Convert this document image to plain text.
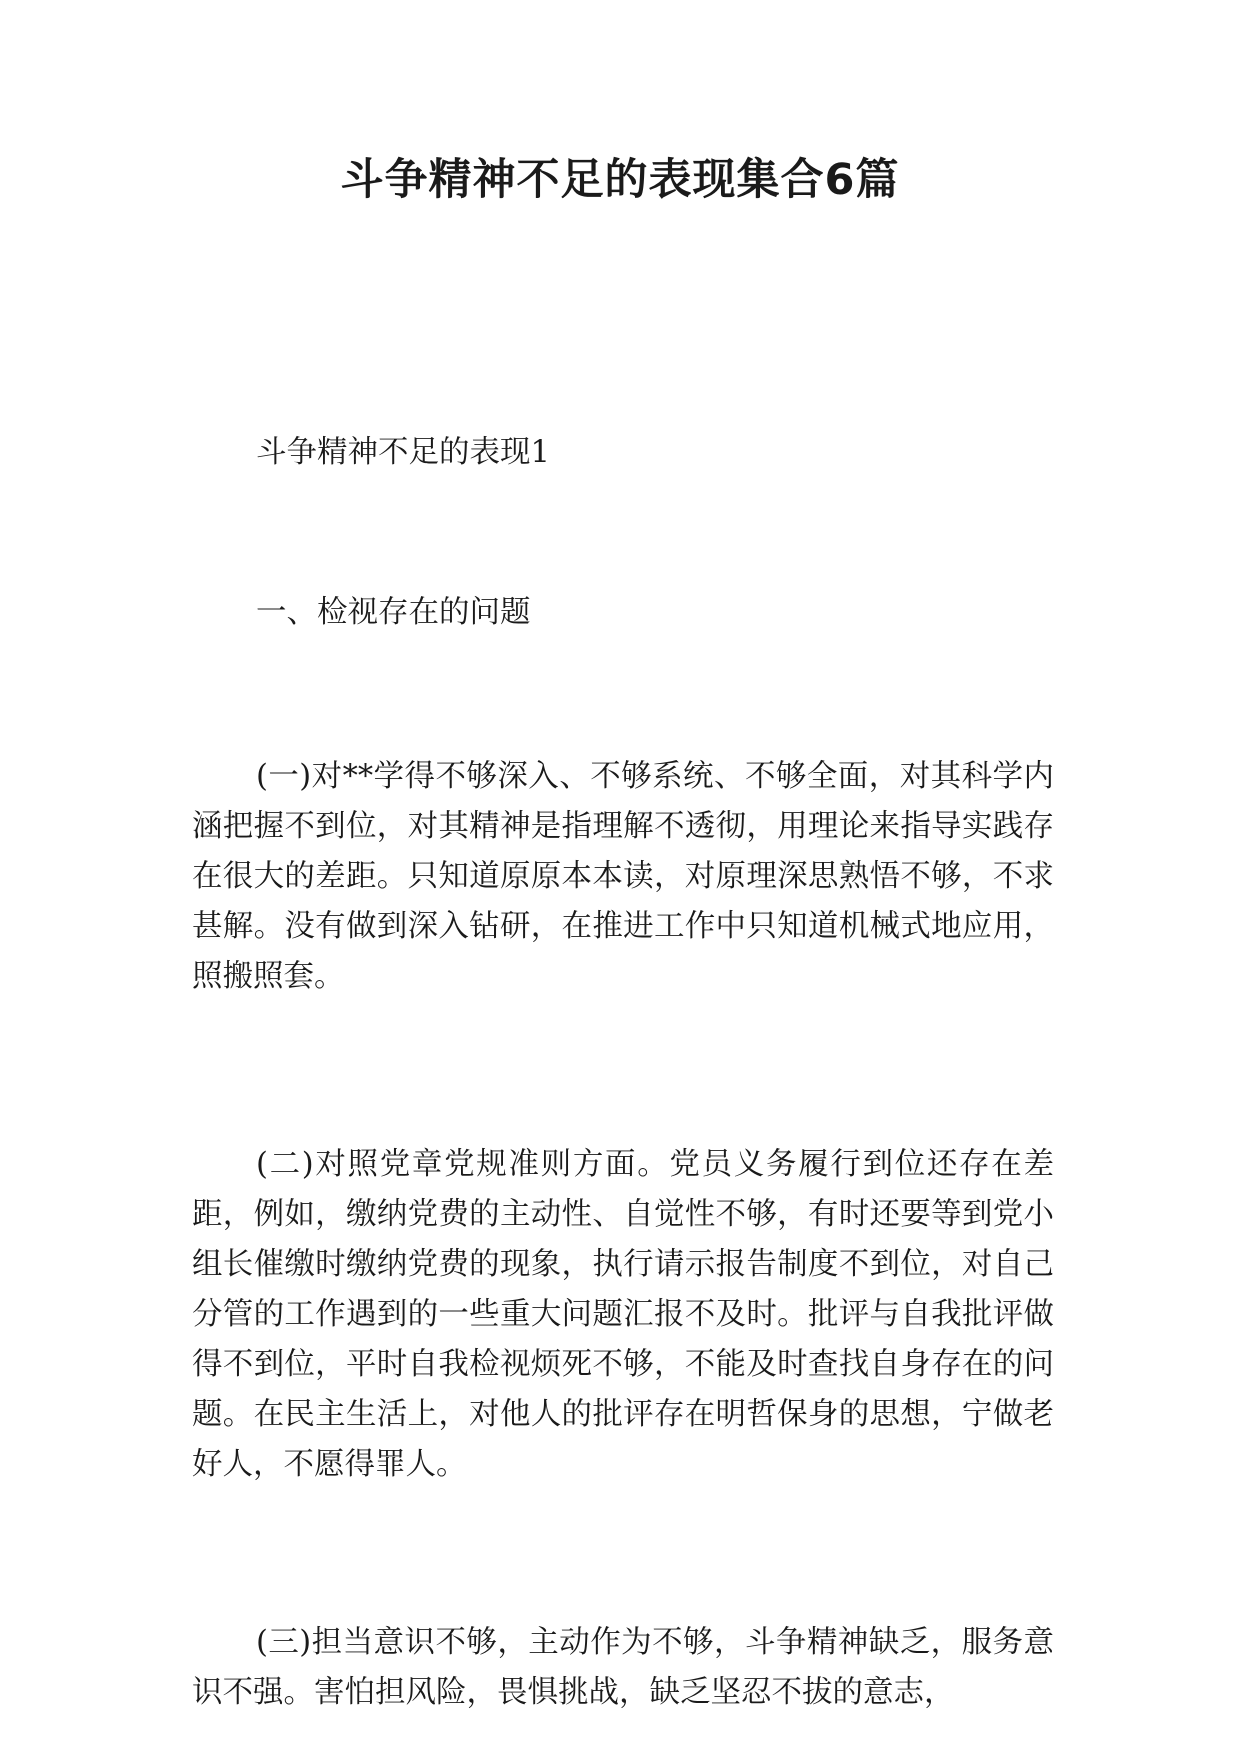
斗争精神不足的表现集合6篇

斗争精神不足的表现1

一、检视存在的问题

(一)对**学得不够深入、不够系统、不够全面，对其科学内涵把握不到位，对其精神是指理解不透彻，用理论来指导实践存在很大的差距。只知道原原本本读，对原理深思熟悟不够，不求甚解。没有做到深入钻研，在推进工作中只知道机械式地应用，照搬照套。

(二)对照党章党规准则方面。党员义务履行到位还存在差距，例如，缴纳党费的主动性、自觉性不够，有时还要等到党小组长催缴时缴纳党费的现象，执行请示报告制度不到位，对自己分管的工作遇到的一些重大问题汇报不及时。批评与自我批评做得不到位，平时自我检视烦死不够，不能及时查找自身存在的问题。在民主生活上，对他人的批评存在明哲保身的思想，宁做老好人，不愿得罪人。

(三)担当意识不够，主动作为不够，斗争精神缺乏，服务意识不强。害怕担风险，畏惧挑战，缺乏坚忍不拔的意志，
